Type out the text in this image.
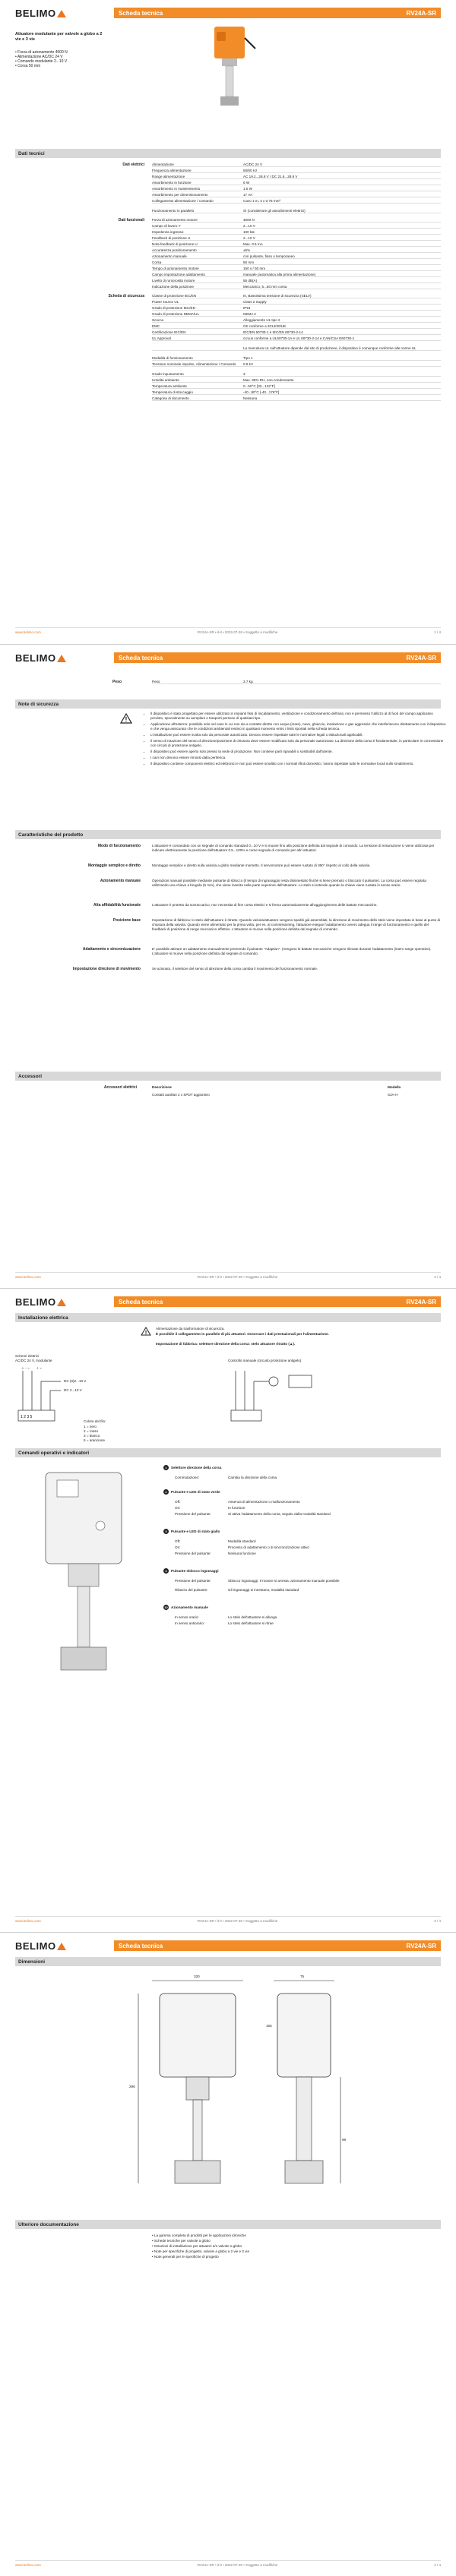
BELIMO	Scheda tecnica	RV24A-SR
Attuatore modulante per valvole a globo a 2 vie e 3 vie
• Forza di azionamento 4500 N
• Alimentazione AC/DC 24 V
• Comando modulante 2...10 V
• Corsa 50 mm
Dati tecnici
Dati elettrici Alimentazione	AC/DC 24 V
Frequenza alimentazione	50/60 Hz
Range alimentazione	AC 19.2...28.8 V / DC 21.6...28.8 V
Assorbimento in funzione	6 W
Assorbimento in mantenimento	1.5 W
Assorbimento per dimensionamento	17 VA
Collegamento alimentazione / comando	Cavo 1 m, 4 x 0.75 mm²
Funzionamento in parallelo	Sì (considerare gli assorbimenti elettrici)
Dati funzionali Forza di azionamento motore	4500 N
Campo di lavoro Y	2...10 V
Impedenza ingresso	100 kΩ
Feedback di posizione U	2...10 V
Nota feedback di posizione U	Max. 0.5 mA
Accuratezza posizionamento	±5%
Azionamento manuale	con pulsante, fisso o temporaneo
Corsa	50 mm
Tempo di azionamento motore	150 s / 50 mm
Campo impostazione adattamento	manuale (automatica alla prima alimentazione)
Livello di rumorosità motore	55 dB(A)
Indicazione della posizione	Meccanico, 5...50 mm corsa
Scheda di sicurezza Classe di protezione IEC/EN	III, Bassissima tensione di sicurezza (SELV)
Power source UL	Class 2 Supply
Grado di protezione IEC/EN	IP54
Grado di protezione NEMA/UL	NEMA 2
Scocca	Alloggiamento UL tipo 2
EMC	CE conforme a 2014/30/UE
Certificazione IEC/EN	IEC/EN 60730-1 e IEC/EN 60730-2-14
UL Approval	cULus conforme a UL60730-1A e UL 60730-2-14 e CAN/CSA E60730-1
La marcatura UL sull'attuatore dipende dal sito di produzione, il dispositivo è comunque conforme alle norme UL
Modalità di funzionamento	Tipo 1
Tensione nominale impulso, Alimentazione / Comando	0.8 kV
Grado inquinamento	3
Umidità ambiente	Max. 95% RH, non-condensante
Temperatura ambiente	0...50°C [32...122°F]
Temperatura di stoccaggio	-40...80°C [-40...176°F]
Categoria di documento	Nessuna
www.belimo.com	RV24A-SR • it-it • 2022-07-26 • Soggetto a modifiche	1 / 4
BELIMO	Scheda tecnica	RV24A-SR
Peso	Peso	3.7 kg
Note di sicurezza
!
• Il dispositivo è stato progettato per essere utilizzato in impianti fissi di riscaldamento, ventilazione e condizionamento dell'aria; non è permesso l'utilizzo al di fuori del campo applicativo previsto, specialmente su aeroplani o trasporti persone di qualsiasi tipo.
• Applicazione all'esterno: possibile solo nel caso in cui non sia a contatto diretto con acqua (mare), neve, ghiaccio, insolazione o gas aggressivi che interferiscono direttamente con il dispositivo e che venga assicurato che le condizioni ambientali restino in qualsiasi momento entro i limiti riportati nella scheda tecnica.
• L'installazione può essere svolta solo da personale autorizzato. Devono essere rispettate tutte le normative legali o istituzionali applicabili.
• Il senso di rotazione del senso di direzione/posizione di chiusura deve essere modificato solo da personale autorizzato. La direzione della corsa è fondamentale, in particolare in connessione con circuiti di protezione antigelo.
• Il dispositivo può essere aperto solo presso la sede di produzione. Non contiene parti riparabili o sostituibili dall'utente.
• I cavi non devono essere rimossi dalla periferica.
• Il dispositivo contiene componenti elettrici ed elettronici e non può essere smaltito con i normali rifiuti domestici. Vanno rispettate tutte le normative locali sullo smaltimento.
Caratteristiche del prodotto
Modo di funzionamento	L'attuatore è comandato con un segnale di comando standard 0...10 V e si muove fino alla posizione definita dal segnale di comando. La tensione di misurazione U viene utilizzata per indicare elettricamente la posizione dell'attuatore 0.5...100% e come segnale di comando per altri attuatori.
Montaggio semplice e diretto	Montaggio semplice e diretto sulla valvola a globo mediante morsetto. Il servomotore può essere ruotato di 360° rispetto al collo della valvola.
Azionamento manuale	Operazioni manuali possibile mediante pulsante di sblocco (il tempo di ingranaggio resta disinnestato finché si tiene premuto o bloccato il pulsante). La corsa può essere regolata utilizzando una chiave a brugola (5 mm), che viene inserita nella parte superiore dell'attuatore. Lo stelo si estende quando la chiave viene ruotata in senso orario.
Alta affidabilità funzionale	L'attuatore è protetto da sovraccarico, non necessita di fine corsa elettrici e si ferma automaticamente all'aggiungimento delle battute meccaniche.
Posizione base	Impostazione di fabbrica: lo stelo dell'attuatore è ritratto. Quando valvola/attuatore vengono spediti già assemblati, la direzione di movimento dello stelo viene impostata in base al punto di chiusura della valvola. Quando viene alimentato per la prima volta, per es. al commissioning, l'attuatore esegue l'adattamento ovvero adegua il range di funzionamento e quello del feedback di posizione al range meccanico effettivo. L'attuatore si muove nella posizione definita dal segnale di comando.
Adattamento e sincronizzazione	E' possibile attivare un adattamento manualmente premendo il pulsante "Adaption". (Vengono le battute meccaniche vengono rilevate durante l'adattamento (intero range operativo). L'attuatore si muove nella posizione definita dal segnale di comando.
Impostazione direzione di movimento	Se azionato, il selettore del senso di direzione della corsa cambia il movimento del funzionamento normale.
Accessori
Accessori elettrici	Descrizione	Modello
Contatti ausiliari 2 x SPDT aggiuntivo	S2A-H
www.belimo.com	RV24A-SR • it-it • 2022-07-26 • Soggetto a modifiche	2 / 4
BELIMO	Scheda tecnica	RV24A-SR
Installazione elettrica
!
Alimentazione da trasformatore di sicurezza.
È possibile il collegamento in parallelo di più attuatori. Osservare i dati prestazionali per l'alimentazione.
Impostazione di fabbrica: selettore direzione della corsa: stelo attuatore ritratto (▲).
Schemi elettrici
AC/DC 24 V, modulante
1 2 3 5
⊥ - ~ + ~
DC (0)2...10 V
DC 2...10 V
Colore del filo:
1 = nero
2 = rosso
3 = bianco
5 = arancione
Controllo manuale (circuito protezione antigelo)
Comandi operativi e indicatori
1 Selettore direzione della corsa
Commutazione:	Cambia la direzione della corsa
2 Pulsante e LED di stato verde
Off:	Assenza di alimentazione o malfunzionamento
On:	In funzione
Pressione del pulsante:	Si attiva l'adattamento della corsa, seguito dalla modalità standard
3 Pulsante e LED di stato giallo
Off:	Modalità standard
On:	Processo di adattamento o di sincronizzazione attivo
Pressione del pulsante:	Nessuna funzione
4 Pulsante sblocco ingranaggi
Pressione del pulsante:	Sblocco ingranaggi. Il motore si arresta, azionamento manuale possibile
Rilascio del pulsante:	Gli ingranaggi si innestano, modalità standard
10 Azionamento manuale
In senso orario:	Lo stelo dell'attuatore si allunga
In senso antiorario:	Lo stelo dell'attuatore si ritrae
www.belimo.com	RV24A-SR • it-it • 2022-07-26 • Soggetto a modifiche	3 / 4
BELIMO	Scheda tecnica	RV24A-SR
Dimensioni
330	75
296
98
155
Ulteriore documentazione
• La gamma completa di prodotti per le applicazioni idroniche
• Schede tecniche per valvole a globo
• Istruzioni di installazione per attuatori e/o valvole a globo
• Note per specifiche di progetto, valvole a globo a 2 vie e 3 vie
• Note generali per le specifiche di progetto
www.belimo.com	RV24A-SR • it-it • 2022-07-26 • Soggetto a modifiche	4 / 4
